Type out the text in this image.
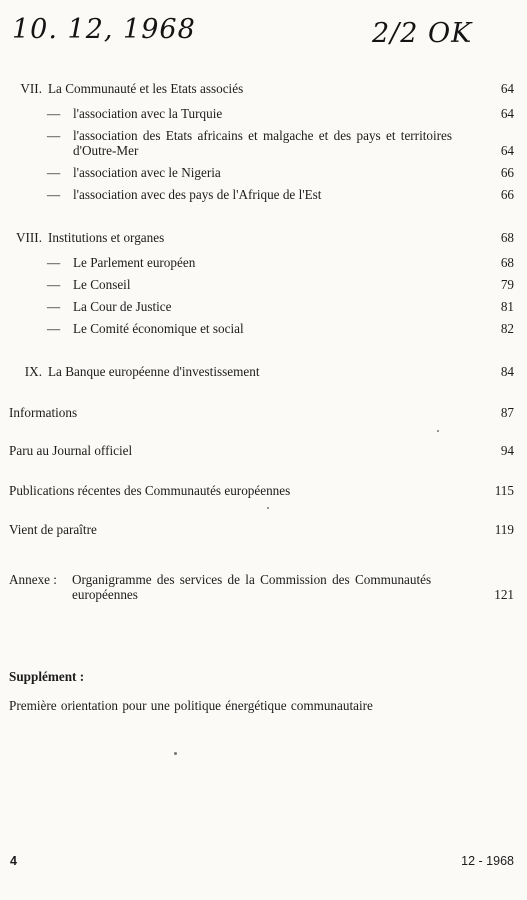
10. 12, 1968	2/2 OK
VII. La Communauté et les Etats associés	64
— l'association avec la Turquie	64
— l'association des Etats africains et malgache et des pays et territoires d'Outre-Mer	64
— l'association avec le Nigeria	66
— l'association avec des pays de l'Afrique de l'Est	66
VIII. Institutions et organes	68
— Le Parlement européen	68
— Le Conseil	79
— La Cour de Justice	81
— Le Comité économique et social	82
IX. La Banque européenne d'investissement	84
Informations	87
Paru au Journal officiel	94
Publications récentes des Communautés européennes	115
Vient de paraître	119
Annexe :	Organigramme des services de la Commission des Communautés européennes	121
Supplément :
Première orientation pour une politique énergétique communautaire
4	12 - 1968
